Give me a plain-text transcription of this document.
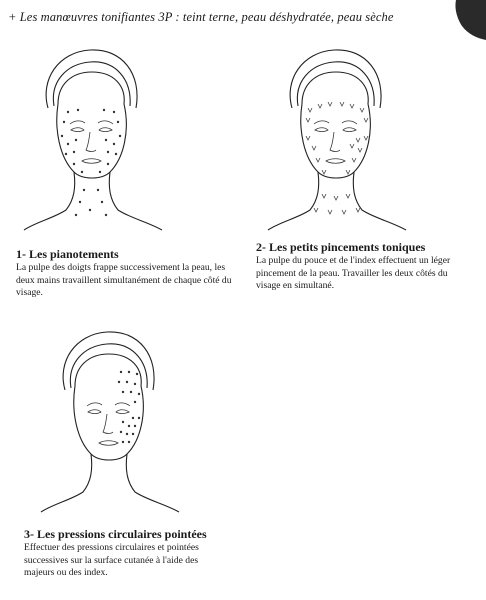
+ Les manœuvres tonifiantes 3P : teint terne, peau déshydratée, peau sèche
1- Les pianotements

La pulpe des doigts frappe successivement la peau, les deux mains travaillent simultanément de chaque côté du visage.

2- Les petits pincements toniques

La pulpe du pouce et de l'index effectuent un léger pincement de la peau. Travailler les deux côtés du visage en simultané.

3- Les pressions circulaires pointées

Effectuer des pressions circulaires et pointées successives sur la surface cutanée à l'aide des majeurs ou des index.
